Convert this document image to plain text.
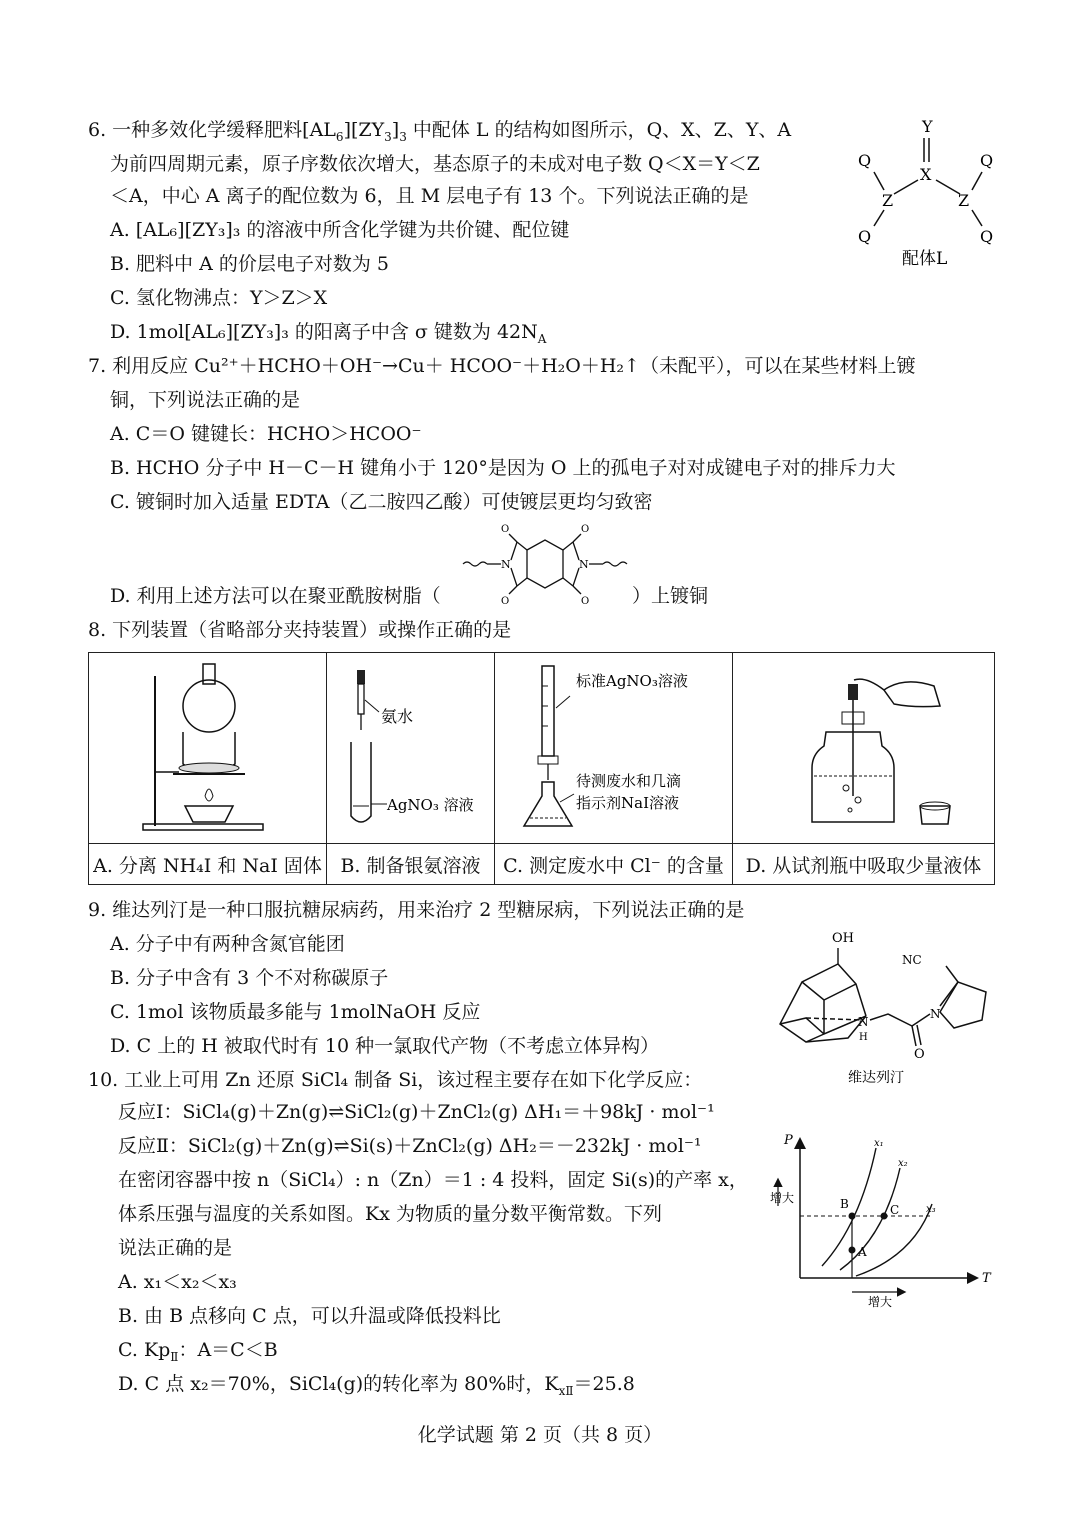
6. 一种多效化学缓释肥料$[AL_6][ZY_3]_3$ 中配体 L 的结构如图所示，Q、X、Z、Y、A
为前四周期元素，原子序数依次增大，基态原子的未成对电子数 Q＜X＝Y＜Z
＜A，中心 A 离子的配位数为 6，且 M 层电子有 13 个。下列说法正确的是
A. [AL₆][ZY₃]₃ 的溶液中所含化学键为共价键、配位键
B. 肥料中 A 的价层电子对数为 5
C. 氢化物沸点：Y＞Z＞X
D. 1mol[AL₆][ZY₃]₃ 的阳离子中含 σ 键数为 $42N_A$
Y
X
Z	Z
Q
Q
Q
Q
配体L
7. 利用反应 Cu²⁺＋HCHO＋OH⁻→Cu＋ HCOO⁻＋H₂O＋H₂↑（未配平），可以在某些材料上镀
铜，下列说法正确的是
A. C＝O 键键长：HCHO＞HCOO⁻
B. HCHO 分子中 H－C－H 键角小于 120°是因为 O 上的孤电子对对成键电子对的排斥力大
C. 镀铜时加入适量 EDTA（乙二胺四乙酸）可使镀层更均匀致密
D. 利用上述方法可以在聚亚酰胺树脂（	）上镀铜
N
O
O
O
O
N
8. 下列装置（省略部分夹持装置）或操作正确的是

氨水
AgNO₃ 溶液	标准AgNO₃溶液
待测废水和几滴
指示剂NaI溶液

A. 分离 NH₄I 和 NaI 固体	B. 制备银氨溶液	C. 测定废水中 Cl⁻ 的含量	D. 从试剂瓶中吸取少量液体
9. 维达列汀是一种口服抗糖尿病药，用来治疗 2 型糖尿病，下列说法正确的是
A. 分子中有两种含氮官能团
B. 分子中含有 3 个不对称碳原子
C. 1mol 该物质最多能与 1molNaOH 反应
D. C 上的 H 被取代时有 10 种一氯取代产物（不考虑立体异构）
OH
N
H
O
N
NC
维达列汀
10. 工业上可用 Zn 还原 SiCl₄ 制备 Si，该过程主要存在如下化学反应：
反应Ⅰ：SiCl₄(g)＋Zn(g)⇌SiCl₂(g)＋ZnCl₂(g) ΔH₁＝＋98kJ · mol⁻¹
反应Ⅱ：SiCl₂(g)＋Zn(g)⇌Si(s)＋ZnCl₂(g) ΔH₂＝－232kJ · mol⁻¹
在密闭容器中按 n（SiCl₄）: n（Zn）＝1 : 4 投料，固定 Si(s)的产率 x，
体系压强与温度的关系如图。Kx 为物质的量分数平衡常数。下列
说法正确的是
A. x₁＜x₂＜x₃
B. 由 B 点移向 C 点，可以升温或降低投料比
C. $Kp_Ⅱ$：A＝C＜B
D. C 点 x₂＝70%，SiCl₄(g)的转化率为 80%时，$K_{xⅡ}=25.8$
P
T
增大
增大
x₁
x₂
x₃
A
B	C
化学试题 第 2 页（共 8 页）
